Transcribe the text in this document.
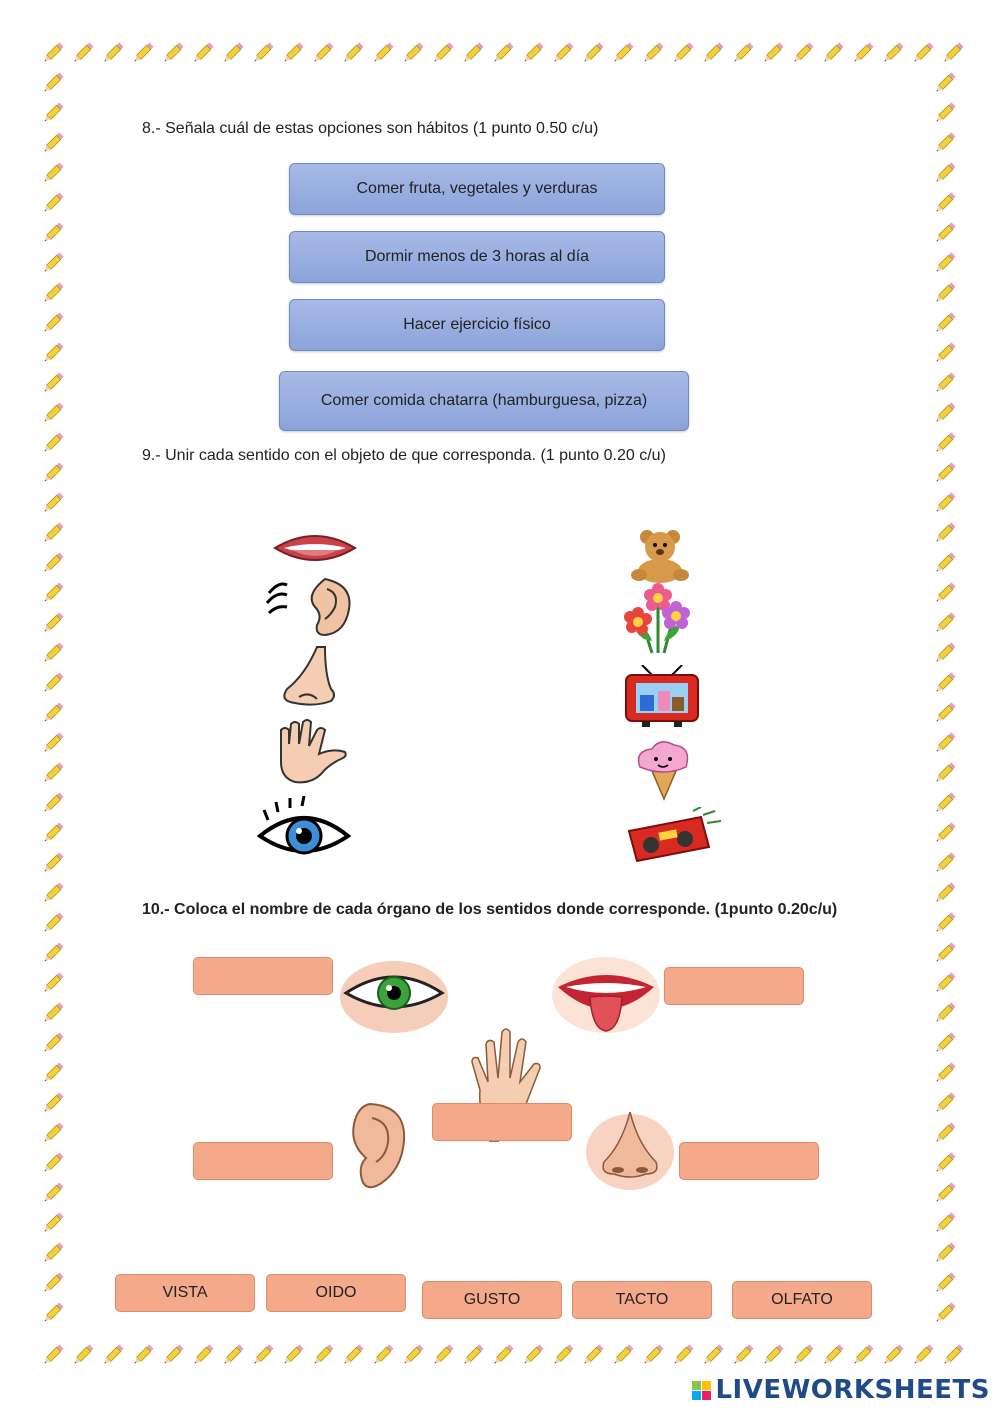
8.- Señala cuál de estas opciones son hábitos (1 punto 0.50 c/u)
Comer fruta, vegetales y verduras
Dormir menos de 3 horas al día
Hacer ejercicio físico
Comer comida chatarra (hamburguesa, pizza)
9.- Unir cada sentido con el objeto de que corresponda. (1 punto 0.20 c/u)
10.- Coloca el nombre de cada órgano de los sentidos donde corresponde. (1punto 0.20c/u)
VISTA	OIDO	GUSTO	TACTO	OLFATO
LIVEWORKSHEETS
